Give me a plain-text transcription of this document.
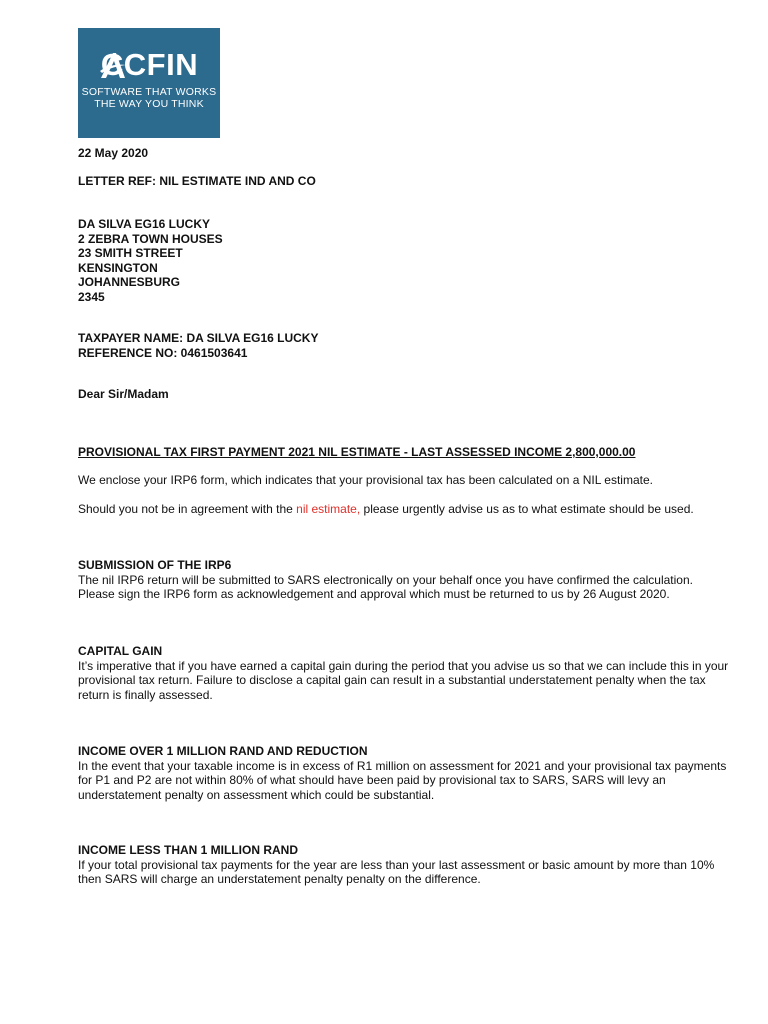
CCFIN
SOFTWARE THAT WORKS
THE WAY YOU THINK

22 May 2020

LETTER REF: NIL ESTIMATE IND AND CO

DA SILVA EG16 LUCKY
2 ZEBRA TOWN HOUSES
23 SMITH STREET
KENSINGTON
JOHANNESBURG
2345
TAXPAYER NAME: DA SILVA EG16 LUCKY
REFERENCE NO: 0461503641

Dear Sir/Madam

PROVISIONAL TAX FIRST PAYMENT 2021 NIL ESTIMATE - LAST ASSESSED INCOME 2,800,000.00

We enclose your IRP6 form, which indicates that your provisional tax has been calculated on a NIL estimate.

Should you not be in agreement with the nil estimate, please urgently advise us as to what estimate should be used.

SUBMISSION OF THE IRP6
The nil IRP6 return will be submitted to SARS electronically on your behalf once you have confirmed the calculation. Please sign the IRP6 form as acknowledgement and approval which must be returned to us by 26 August 2020.
CAPITAL GAIN
It’s imperative that if you have earned a capital gain during the period that you advise us so that we can include this in your provisional tax return. Failure to disclose a capital gain can result in a substantial understatement penalty when the tax return is finally assessed.
INCOME OVER 1 MILLION RAND AND REDUCTION
In the event that your taxable income is in excess of R1 million on assessment for 2021 and your provisional tax payments for P1 and P2 are not within 80% of what should have been paid by provisional tax to SARS, SARS will levy an understatement penalty on assessment which could be substantial.
INCOME LESS THAN 1 MILLION RAND
If your total provisional tax payments for the year are less than your last assessment or basic amount by more than 10% then SARS will charge an understatement penalty penalty on the difference.
